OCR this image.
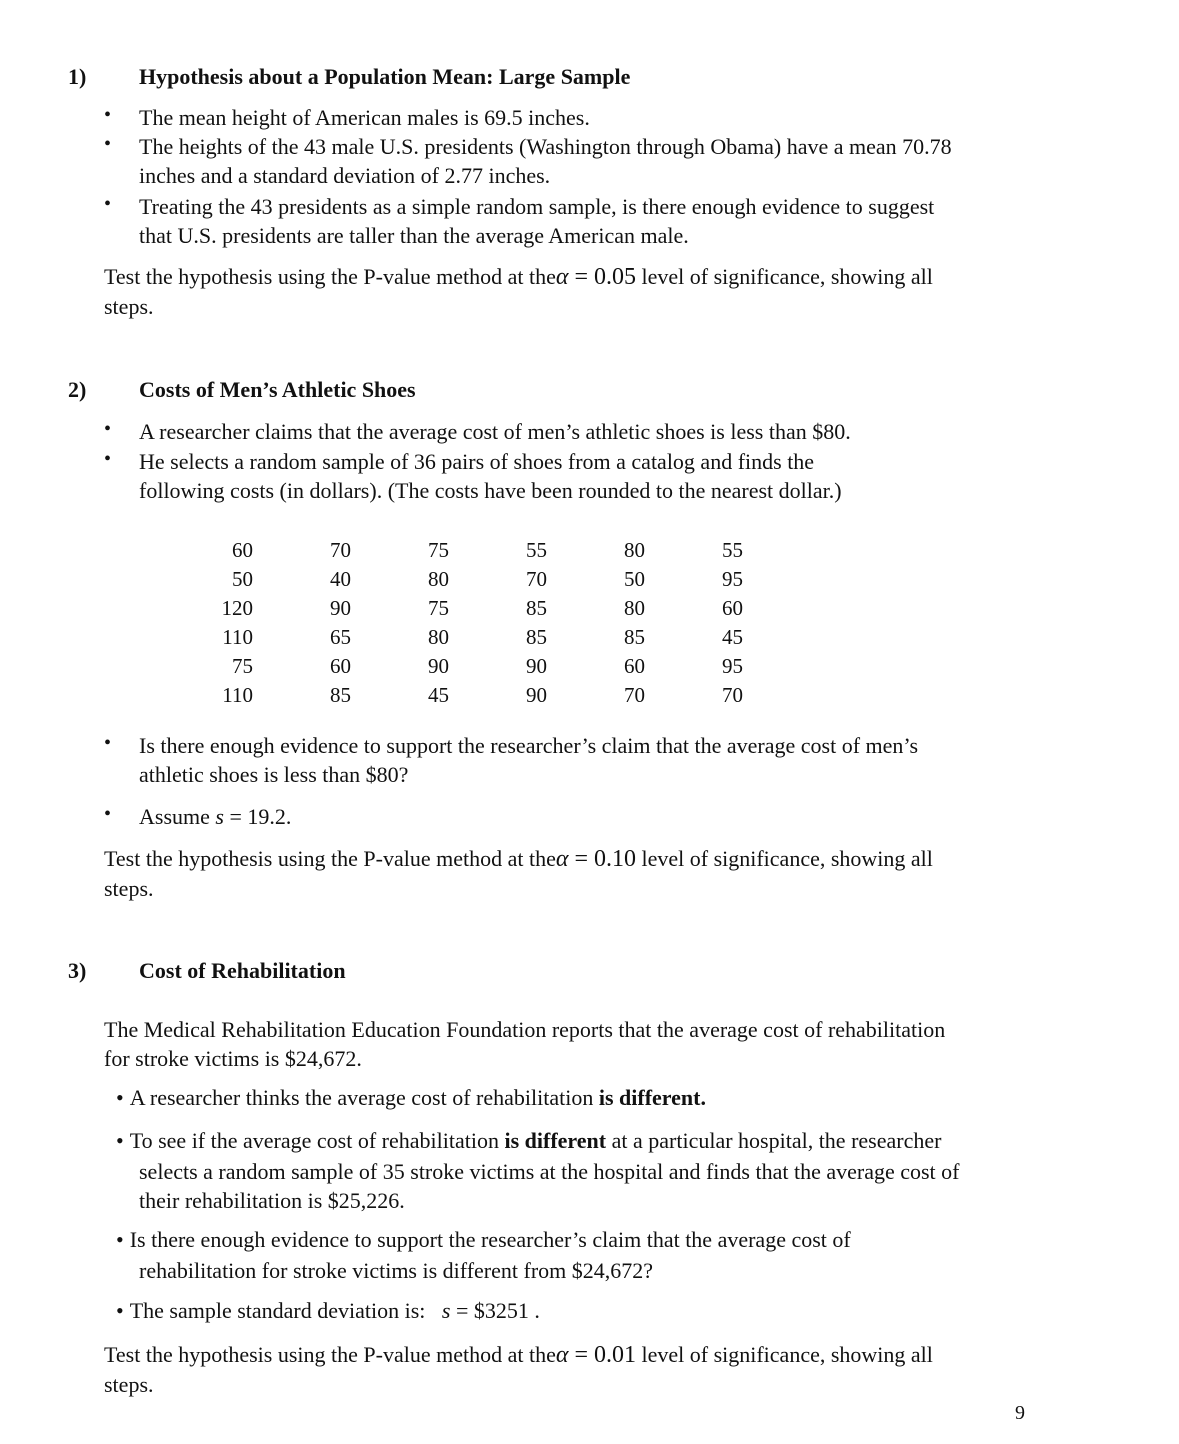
1) Hypothesis about a Population Mean: Large Sample
• The mean height of American males is 69.5 inches.
• The heights of the 43 male U.S. presidents (Washington through Obama) have a mean 70.78
inches and a standard deviation of 2.77 inches.
• Treating the 43 presidents as a simple random sample, is there enough evidence to suggest
that U.S. presidents are taller than the average American male.
Test the hypothesis using the P-value method at theα = 0.05 level of significance, showing all
steps.
2) Costs of Men’s Athletic Shoes
• A researcher claims that the average cost of men’s athletic shoes is less than $80.
• He selects a random sample of 36 pairs of shoes from a catalog and finds the
following costs (in dollars). (The costs have been rounded to the nearest dollar.)
60	70	75	55	80	55
50	40	80	70	50	95
120	90	75	85	80	60
110	65	80	85	85	45
75	60	90	90	60	95
110	85	45	90	70	70
• Is there enough evidence to support the researcher’s claim that the average cost of men’s
athletic shoes is less than $80?
• Assume s = 19.2.
Test the hypothesis using the P-value method at theα = 0.10 level of significance, showing all
steps.
3) Cost of Rehabilitation
The Medical Rehabilitation Education Foundation reports that the average cost of rehabilitation
for stroke victims is $24,672.
• A researcher thinks the average cost of rehabilitation is different.
• To see if the average cost of rehabilitation is different at a particular hospital, the researcher
selects a random sample of 35 stroke victims at the hospital and finds that the average cost of
their rehabilitation is $25,226.
• Is there enough evidence to support the researcher’s claim that the average cost of
rehabilitation for stroke victims is different from $24,672?
• The sample standard deviation is:   s = $3251 .
Test the hypothesis using the P-value method at theα = 0.01 level of significance, showing all
steps.
9
